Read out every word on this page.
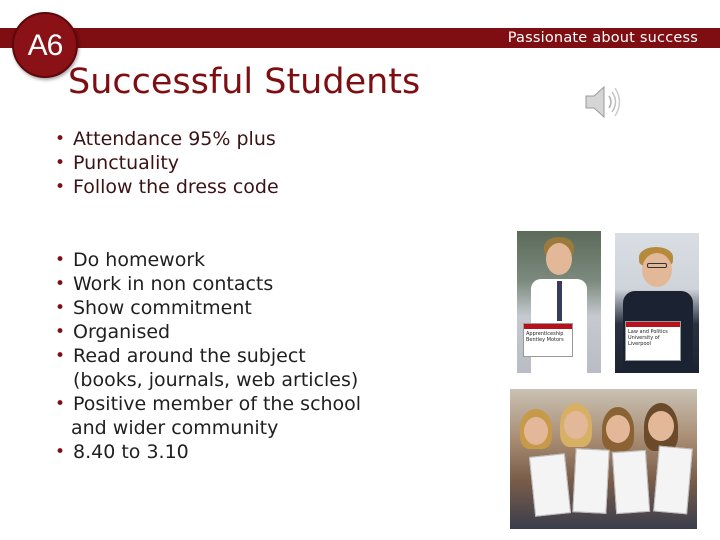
Passionate about success
A6
Successful Students
• Attendance 95% plus
• Punctuality
• Follow the dress code
• Do homework
• Work in non contacts
• Show commitment
• Organised
• Read around the subject
(books, journals, web articles)
• Positive member of the school
and wider community
• 8.40 to 3.10
Apprenticeship
Bentley Motors
Law and Politics
University of
Liverpool
